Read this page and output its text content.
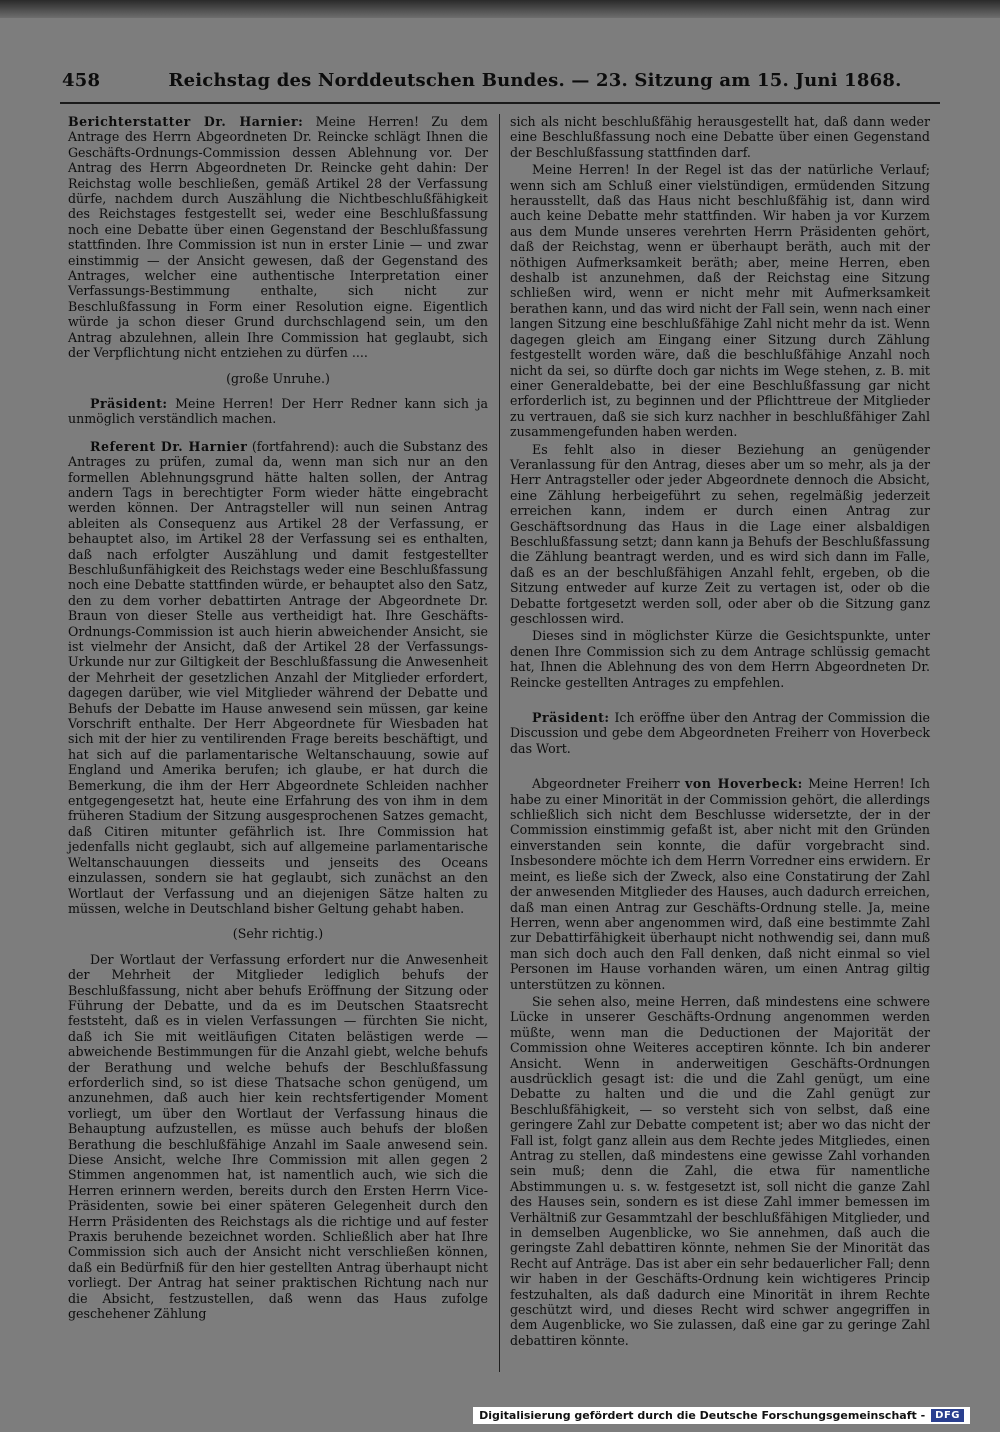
458	Reichstag des Norddeutschen Bundes. — 23. Sitzung am 15. Juni 1868.

Berichterstatter Dr. Harnier: Meine Herren! Zu dem Antrage des Herrn Abgeordneten Dr. Reincke schlägt Ihnen die Geschäfts-Ordnungs-Commission dessen Ablehnung vor. Der Antrag des Herrn Abgeordneten Dr. Reincke geht dahin: Der Reichstag wolle beschließen, gemäß Artikel 28 der Verfassung dürfe, nachdem durch Auszählung die Nichtbeschlußfähigkeit des Reichstages festgestellt sei, weder eine Beschlußfassung noch eine Debatte über einen Gegenstand der Beschlußfassung stattfinden. Ihre Commission ist nun in erster Linie — und zwar einstimmig — der Ansicht gewesen, daß der Gegenstand des Antrages, welcher eine authentische Interpretation einer Verfassungs-Bestimmung enthalte, sich nicht zur Beschlußfassung in Form einer Resolution eigne. Eigentlich würde ja schon dieser Grund durchschlagend sein, um den Antrag abzulehnen, allein Ihre Commission hat geglaubt, sich der Verpflichtung nicht entziehen zu dürfen ....

(große Unruhe.)

Präsident: Meine Herren! Der Herr Redner kann sich ja unmöglich verständlich machen.

Referent Dr. Harnier (fortfahrend): auch die Substanz des Antrages zu prüfen, zumal da, wenn man sich nur an den formellen Ablehnungsgrund hätte halten sollen, der Antrag andern Tags in berechtigter Form wieder hätte eingebracht werden können. Der Antragsteller will nun seinen Antrag ableiten als Consequenz aus Artikel 28 der Verfassung, er behauptet also, im Artikel 28 der Verfassung sei es enthalten, daß nach erfolgter Auszählung und damit festgestellter Beschlußunfähigkeit des Reichstags weder eine Beschlußfassung noch eine Debatte stattfinden würde, er behauptet also den Satz, den zu dem vorher debattirten Antrage der Abgeordnete Dr. Braun von dieser Stelle aus vertheidigt hat. Ihre Geschäfts-Ordnungs-Commission ist auch hierin abweichender Ansicht, sie ist vielmehr der Ansicht, daß der Artikel 28 der Verfassungs-Urkunde nur zur Giltigkeit der Beschlußfassung die Anwesenheit der Mehrheit der gesetzlichen Anzahl der Mitglieder erfordert, dagegen darüber, wie viel Mitglieder während der Debatte und Behufs der Debatte im Hause anwesend sein müssen, gar keine Vorschrift enthalte. Der Herr Abgeordnete für Wiesbaden hat sich mit der hier zu ventilirenden Frage bereits beschäftigt, und hat sich auf die parlamentarische Weltanschauung, sowie auf England und Amerika berufen; ich glaube, er hat durch die Bemerkung, die ihm der Herr Abgeordnete Schleiden nachher entgegengesetzt hat, heute eine Erfahrung des von ihm in dem früheren Stadium der Sitzung ausgesprochenen Satzes gemacht, daß Citiren mitunter gefährlich ist. Ihre Commission hat jedenfalls nicht geglaubt, sich auf allgemeine parlamentarische Weltanschauungen diesseits und jenseits des Oceans einzulassen, sondern sie hat geglaubt, sich zunächst an den Wortlaut der Verfassung und an diejenigen Sätze halten zu müssen, welche in Deutschland bisher Geltung gehabt haben.

(Sehr richtig.)

Der Wortlaut der Verfassung erfordert nur die Anwesenheit der Mehrheit der Mitglieder lediglich behufs der Beschlußfassung, nicht aber behufs Eröffnung der Sitzung oder Führung der Debatte, und da es im Deutschen Staatsrecht feststeht, daß es in vielen Verfassungen — fürchten Sie nicht, daß ich Sie mit weitläufigen Citaten belästigen werde — abweichende Bestimmungen für die Anzahl giebt, welche behufs der Berathung und welche behufs der Beschlußfassung erforderlich sind, so ist diese Thatsache schon genügend, um anzunehmen, daß auch hier kein rechtsfertigender Moment vorliegt, um über den Wortlaut der Verfassung hinaus die Behauptung aufzustellen, es müsse auch behufs der bloßen Berathung die beschlußfähige Anzahl im Saale anwesend sein. Diese Ansicht, welche Ihre Commission mit allen gegen 2 Stimmen angenommen hat, ist namentlich auch, wie sich die Herren erinnern werden, bereits durch den Ersten Herrn Vice-Präsidenten, sowie bei einer späteren Gelegenheit durch den Herrn Präsidenten des Reichstags als die richtige und auf fester Praxis beruhende bezeichnet worden. Schließlich aber hat Ihre Commission sich auch der Ansicht nicht verschließen können, daß ein Bedürfniß für den hier gestellten Antrag überhaupt nicht vorliegt. Der Antrag hat seiner praktischen Richtung nach nur die Absicht, festzustellen, daß wenn das Haus zufolge geschehener Zählung

sich als nicht beschlußfähig herausgestellt hat, daß dann weder eine Beschlußfassung noch eine Debatte über einen Gegenstand der Beschlußfassung stattfinden darf.

Meine Herren! In der Regel ist das der natürliche Verlauf; wenn sich am Schluß einer vielstündigen, ermüdenden Sitzung herausstellt, daß das Haus nicht beschlußfähig ist, dann wird auch keine Debatte mehr stattfinden. Wir haben ja vor Kurzem aus dem Munde unseres verehrten Herrn Präsidenten gehört, daß der Reichstag, wenn er überhaupt beräth, auch mit der nöthigen Aufmerksamkeit beräth; aber, meine Herren, eben deshalb ist anzunehmen, daß der Reichstag eine Sitzung schließen wird, wenn er nicht mehr mit Aufmerksamkeit berathen kann, und das wird nicht der Fall sein, wenn nach einer langen Sitzung eine beschlußfähige Zahl nicht mehr da ist. Wenn dagegen gleich am Eingang einer Sitzung durch Zählung festgestellt worden wäre, daß die beschlußfähige Anzahl noch nicht da sei, so dürfte doch gar nichts im Wege stehen, z. B. mit einer Generaldebatte, bei der eine Beschlußfassung gar nicht erforderlich ist, zu beginnen und der Pflichttreue der Mitglieder zu vertrauen, daß sie sich kurz nachher in beschlußfähiger Zahl zusammengefunden haben werden.

Es fehlt also in dieser Beziehung an genügender Veranlassung für den Antrag, dieses aber um so mehr, als ja der Herr Antragsteller oder jeder Abgeordnete dennoch die Absicht, eine Zählung herbeigeführt zu sehen, regelmäßig jederzeit erreichen kann, indem er durch einen Antrag zur Geschäftsordnung das Haus in die Lage einer alsbaldigen Beschlußfassung setzt; dann kann ja Behufs der Beschlußfassung die Zählung beantragt werden, und es wird sich dann im Falle, daß es an der beschlußfähigen Anzahl fehlt, ergeben, ob die Sitzung entweder auf kurze Zeit zu vertagen ist, oder ob die Debatte fortgesetzt werden soll, oder aber ob die Sitzung ganz geschlossen wird.

Dieses sind in möglichster Kürze die Gesichtspunkte, unter denen Ihre Commission sich zu dem Antrage schlüssig gemacht hat, Ihnen die Ablehnung des von dem Herrn Abgeordneten Dr. Reincke gestellten Antrages zu empfehlen.

Präsident: Ich eröffne über den Antrag der Commission die Discussion und gebe dem Abgeordneten Freiherr von Hoverbeck das Wort.

Abgeordneter Freiherr von Hoverbeck: Meine Herren! Ich habe zu einer Minorität in der Commission gehört, die allerdings schließlich sich nicht dem Beschlusse widersetzte, der in der Commission einstimmig gefaßt ist, aber nicht mit den Gründen einverstanden sein konnte, die dafür vorgebracht sind. Insbesondere möchte ich dem Herrn Vorredner eins erwidern. Er meint, es ließe sich der Zweck, also eine Constatirung der Zahl der anwesenden Mitglieder des Hauses, auch dadurch erreichen, daß man einen Antrag zur Geschäfts-Ordnung stelle. Ja, meine Herren, wenn aber angenommen wird, daß eine bestimmte Zahl zur Debattirfähigkeit überhaupt nicht nothwendig sei, dann muß man sich doch auch den Fall denken, daß nicht einmal so viel Personen im Hause vorhanden wären, um einen Antrag giltig unterstützen zu können.

Sie sehen also, meine Herren, daß mindestens eine schwere Lücke in unserer Geschäfts-Ordnung angenommen werden müßte, wenn man die Deductionen der Majorität der Commission ohne Weiteres acceptiren könnte. Ich bin anderer Ansicht. Wenn in anderweitigen Geschäfts-Ordnungen ausdrücklich gesagt ist: die und die Zahl genügt, um eine Debatte zu halten und die und die Zahl genügt zur Beschlußfähigkeit, — so versteht sich von selbst, daß eine geringere Zahl zur Debatte competent ist; aber wo das nicht der Fall ist, folgt ganz allein aus dem Rechte jedes Mitgliedes, einen Antrag zu stellen, daß mindestens eine gewisse Zahl vorhanden sein muß; denn die Zahl, die etwa für namentliche Abstimmungen u. s. w. festgesetzt ist, soll nicht die ganze Zahl des Hauses sein, sondern es ist diese Zahl immer bemessen im Verhältniß zur Gesammtzahl der beschlußfähigen Mitglieder, und in demselben Augenblicke, wo Sie annehmen, daß auch die geringste Zahl debattiren könnte, nehmen Sie der Minorität das Recht auf Anträge. Das ist aber ein sehr bedauerlicher Fall; denn wir haben in der Geschäfts-Ordnung kein wichtigeres Princip festzuhalten, als daß dadurch eine Minorität in ihrem Rechte geschützt wird, und dieses Recht wird schwer angegriffen in dem Augenblicke, wo Sie zulassen, daß eine gar zu geringe Zahl debattiren könnte.

Digitalisierung gefördert durch die Deutsche Forschungsgemeinschaft -	DFG
